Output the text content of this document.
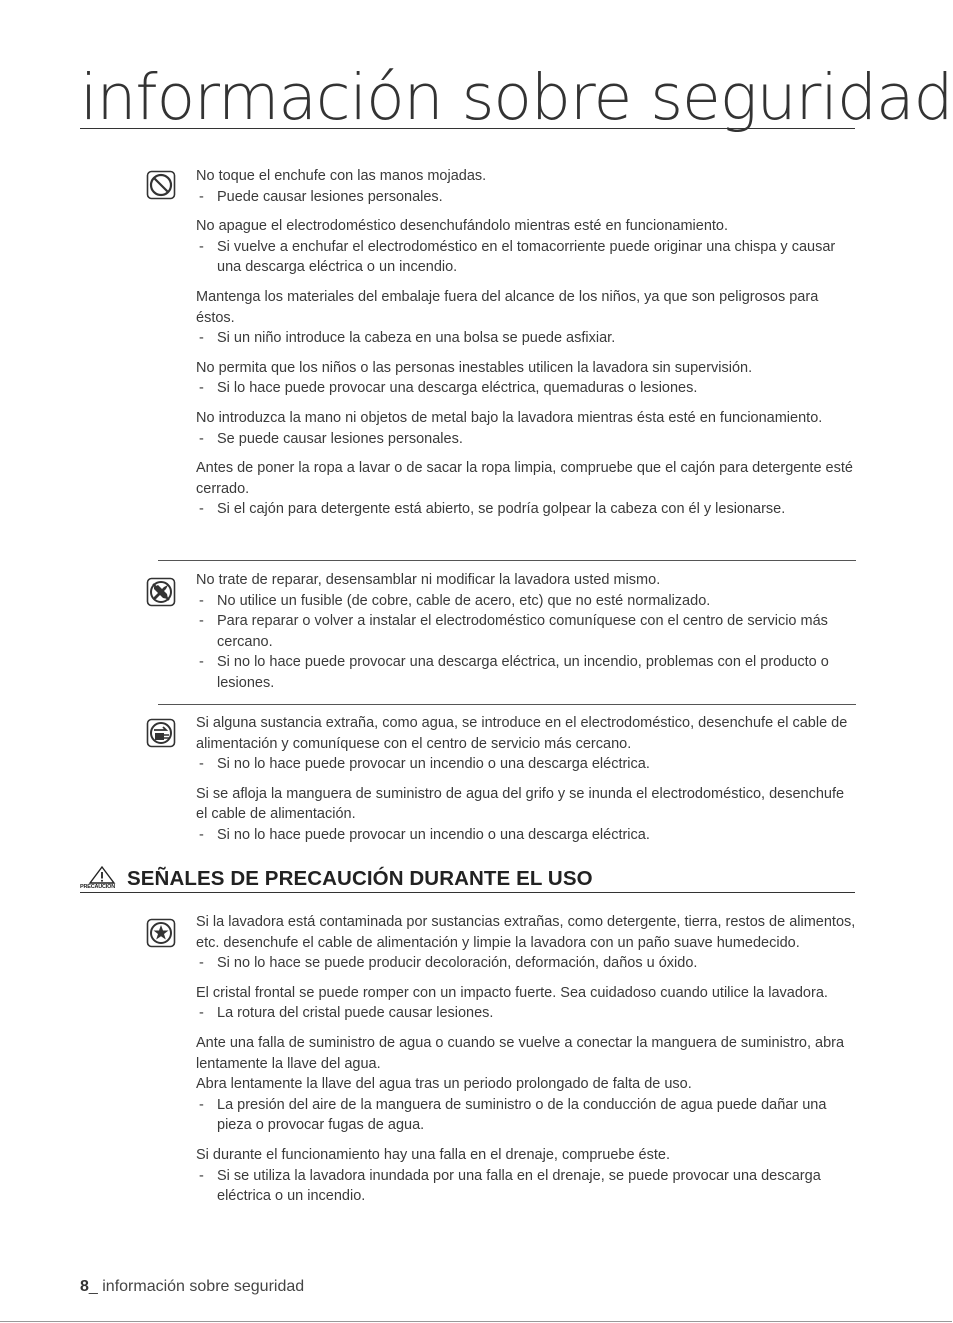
información sobre seguridad

No toque el enchufe con las manos mojadas.

- Puede causar lesiones personales.

No apague el electrodoméstico desenchufándolo mientras esté en funcionamiento.

- Si vuelve a enchufar el electrodoméstico en el tomacorriente puede originar una chispa y causar una descarga eléctrica o un incendio.

Mantenga los materiales del embalaje fuera del alcance de los niños, ya que son peligrosos para éstos.

- Si un niño introduce la cabeza en una bolsa se puede asfixiar.

No permita que los niños o las personas inestables utilicen la lavadora sin supervisión.

- Si lo hace puede provocar una descarga eléctrica, quemaduras o lesiones.

No introduzca la mano ni objetos de metal bajo la lavadora mientras ésta esté en funcionamiento.

- Se puede causar lesiones personales.

Antes de poner la ropa a lavar o de sacar la ropa limpia, compruebe que el cajón para detergente esté cerrado.

- Si el cajón para detergente está abierto, se podría golpear la cabeza con él y lesionarse.

No trate de reparar, desensamblar ni modificar la lavadora usted mismo.

- No utilice un fusible (de cobre, cable de acero, etc) que no esté normalizado.

- Para reparar o volver a instalar el electrodoméstico comuníquese con el centro de servicio más cercano.

- Si no lo hace puede provocar una descarga eléctrica, un incendio, problemas con el producto o lesiones.

Si alguna sustancia extraña, como agua, se introduce en el electrodoméstico, desenchufe el cable de alimentación y comuníquese con el centro de servicio más cercano.

- Si no lo hace puede provocar un incendio o una descarga eléctrica.

Si se afloja la manguera de suministro de agua del grifo y se inunda el electrodoméstico, desenchufe el cable de alimentación.

- Si no lo hace puede provocar un incendio o una descarga eléctrica.

PRECAUCIÓN SEÑALES DE PRECAUCIÓN DURANTE EL USO

Si la lavadora está contaminada por sustancias extrañas, como detergente, tierra, restos de alimentos, etc. desenchufe el cable de alimentación y limpie la lavadora con un paño suave humedecido.

- Si no lo hace se puede producir decoloración, deformación, daños u óxido.

El cristal frontal se puede romper con un impacto fuerte. Sea cuidadoso cuando utilice la lavadora.

- La rotura del cristal puede causar lesiones.

Ante una falla de suministro de agua o cuando se vuelve a conectar la manguera de suministro, abra lentamente la llave del agua.

Abra lentamente la llave del agua tras un periodo prolongado de falta de uso.

- La presión del aire de la manguera de suministro o de la conducción de agua puede dañar una pieza o provocar fugas de agua.

Si durante el funcionamiento hay una falla en el drenaje, compruebe éste.

- Si se utiliza la lavadora inundada por una falla en el drenaje, se puede provocar una descarga eléctrica o un incendio.

8_ información sobre seguridad
